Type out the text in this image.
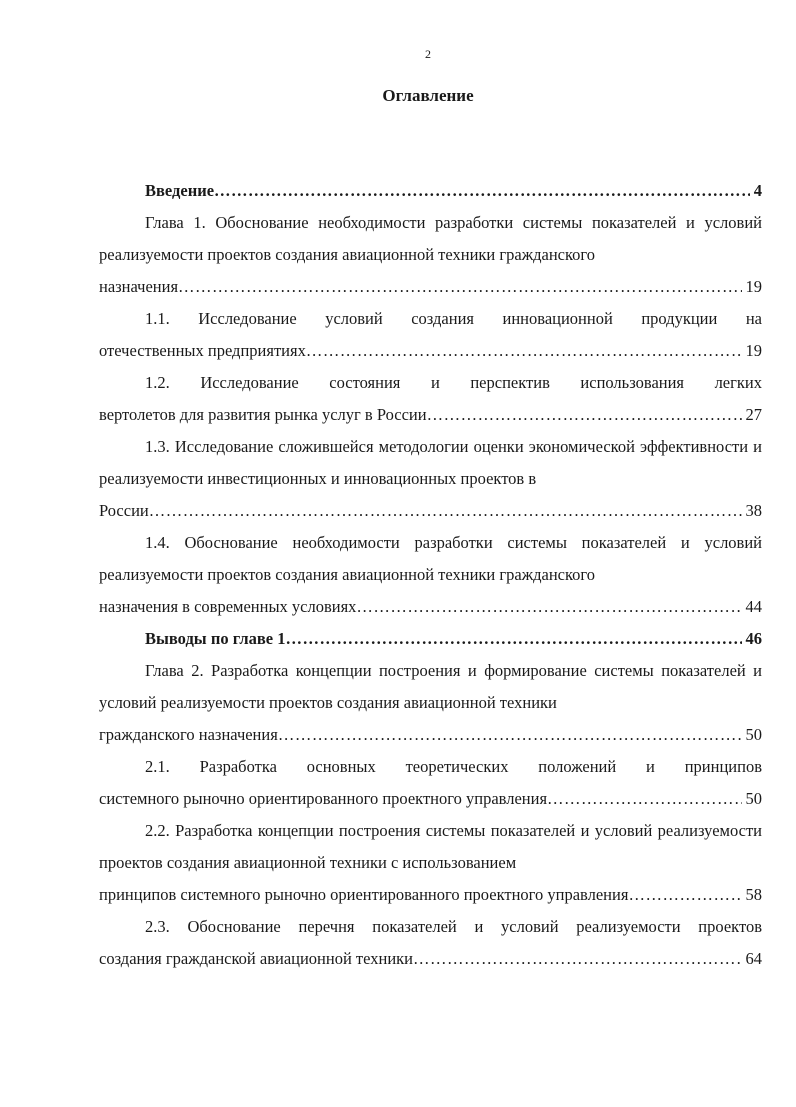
2
Оглавление
Введение …………………………………………………………………………………………………………………………………………………………………………………	4
Глава 1. Обоснование необходимости разработки системы показателей и условий реализуемости проектов создания авиационной техники гражданского
назначения …………………………………………………………………………………………………………………………………………………………………………………	19
1.1. Исследование условий создания инновационной продукции на
отечественных предприятиях …………………………………………………………………………………………………………………………………………………………………………………	19
1.2. Исследование состояния и перспектив использования легких
вертолетов для развития рынка услуг в России …………………………………………………………………………………………………………………………………………………………………………………	27
1.3. Исследование сложившейся методологии оценки экономической эффективности и реализуемости инвестиционных и инновационных проектов в
России …………………………………………………………………………………………………………………………………………………………………………………	38
1.4. Обоснование необходимости разработки системы показателей и условий реализуемости проектов создания авиационной техники гражданского
назначения в современных условиях …………………………………………………………………………………………………………………………………………………………………………………	44
Выводы по главе 1 …………………………………………………………………………………………………………………………………………………………………………………	46
Глава 2. Разработка концепции построения и формирование системы показателей и условий реализуемости проектов создания авиационной техники
гражданского назначения …………………………………………………………………………………………………………………………………………………………………………………	50
2.1. Разработка основных теоретических положений и принципов
системного рыночно ориентированного проектного управления …………………………………………………………………………………………………………………………………………………………………………………	50
2.2. Разработка концепции построения системы показателей и условий реализуемости проектов создания авиационной техники с использованием
принципов системного рыночно ориентированного проектного управления …………………………………………………………………………………………………………………………………………………………………………………	58
2.3. Обоснование перечня показателей и условий реализуемости проектов
создания гражданской авиационной техники …………………………………………………………………………………………………………………………………………………………………………………	64
